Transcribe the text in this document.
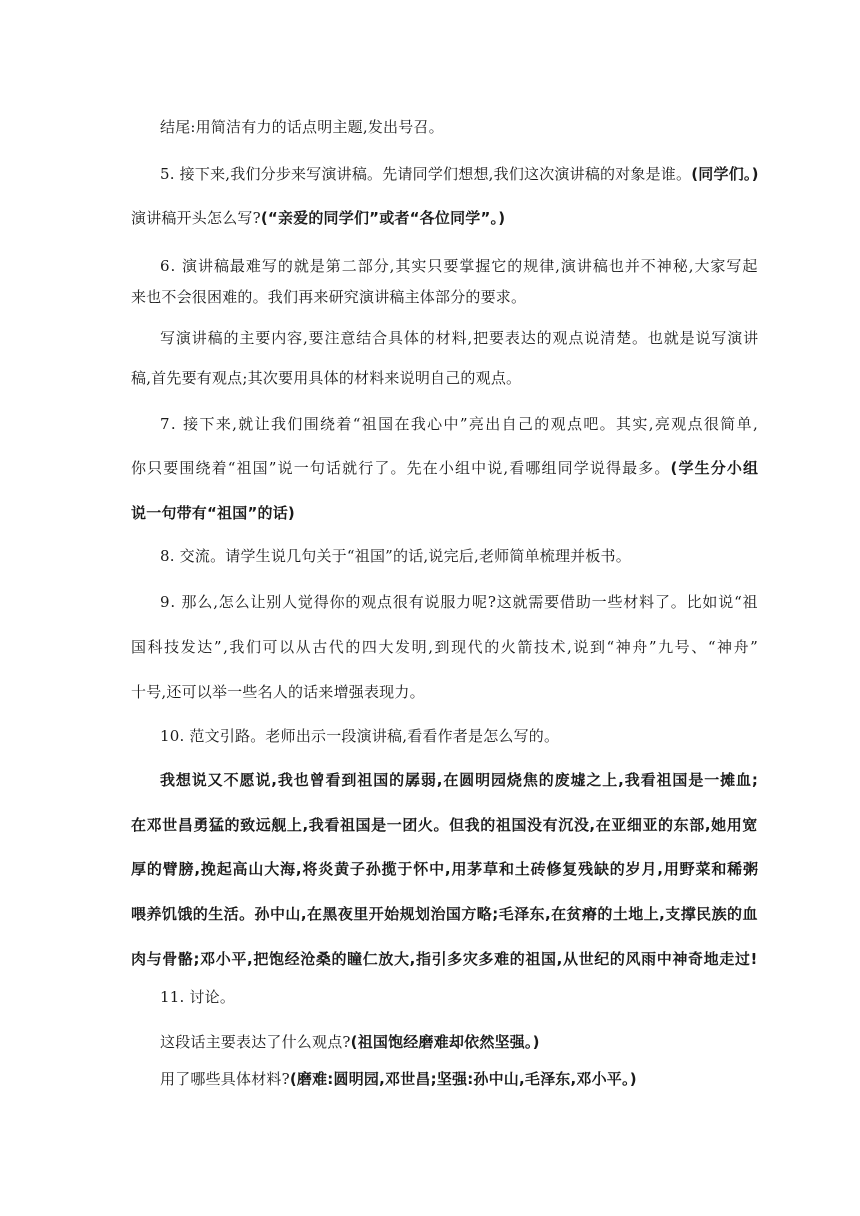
结尾:用简洁有力的话点明主题,发出号召。
5. 接下来,我们分步来写演讲稿。先请同学们想想,我们这次演讲稿的对象是谁。(同学们。)
演讲稿开头怎么写?(“亲爱的同学们”或者“各位同学”。)
6. 演讲稿最难写的就是第二部分,其实只要掌握它的规律,演讲稿也并不神秘,大家写起
来也不会很困难的。我们再来研究演讲稿主体部分的要求。
写演讲稿的主要内容,要注意结合具体的材料,把要表达的观点说清楚。也就是说写演讲
稿,首先要有观点;其次要用具体的材料来说明自己的观点。
7. 接下来,就让我们围绕着“祖国在我心中”亮出自己的观点吧。其实,亮观点很简单,
你只要围绕着“祖国”说一句话就行了。先在小组中说,看哪组同学说得最多。(学生分小组
说一句带有“祖国”的话)
8. 交流。请学生说几句关于“祖国”的话,说完后,老师简单梳理并板书。
9. 那么,怎么让别人觉得你的观点很有说服力呢?这就需要借助一些材料了。比如说“祖
国科技发达”,我们可以从古代的四大发明,到现代的火箭技术,说到“神舟”九号、“神舟”
十号,还可以举一些名人的话来增强表现力。
10. 范文引路。老师出示一段演讲稿,看看作者是怎么写的。
我想说又不愿说,我也曾看到祖国的孱弱,在圆明园烧焦的废墟之上,我看祖国是一摊血;
在邓世昌勇猛的致远舰上,我看祖国是一团火。但我的祖国没有沉没,在亚细亚的东部,她用宽
厚的臂膀,挽起高山大海,将炎黄子孙揽于怀中,用茅草和土砖修复残缺的岁月,用野菜和稀粥
喂养饥饿的生活。孙中山,在黑夜里开始规划治国方略;毛泽东,在贫瘠的土地上,支撑民族的血
肉与骨骼;邓小平,把饱经沧桑的瞳仁放大,指引多灾多难的祖国,从世纪的风雨中神奇地走过!
11. 讨论。
这段话主要表达了什么观点?(祖国饱经磨难却依然坚强。)
用了哪些具体材料?(磨难:圆明园,邓世昌;坚强:孙中山,毛泽东,邓小平。)
